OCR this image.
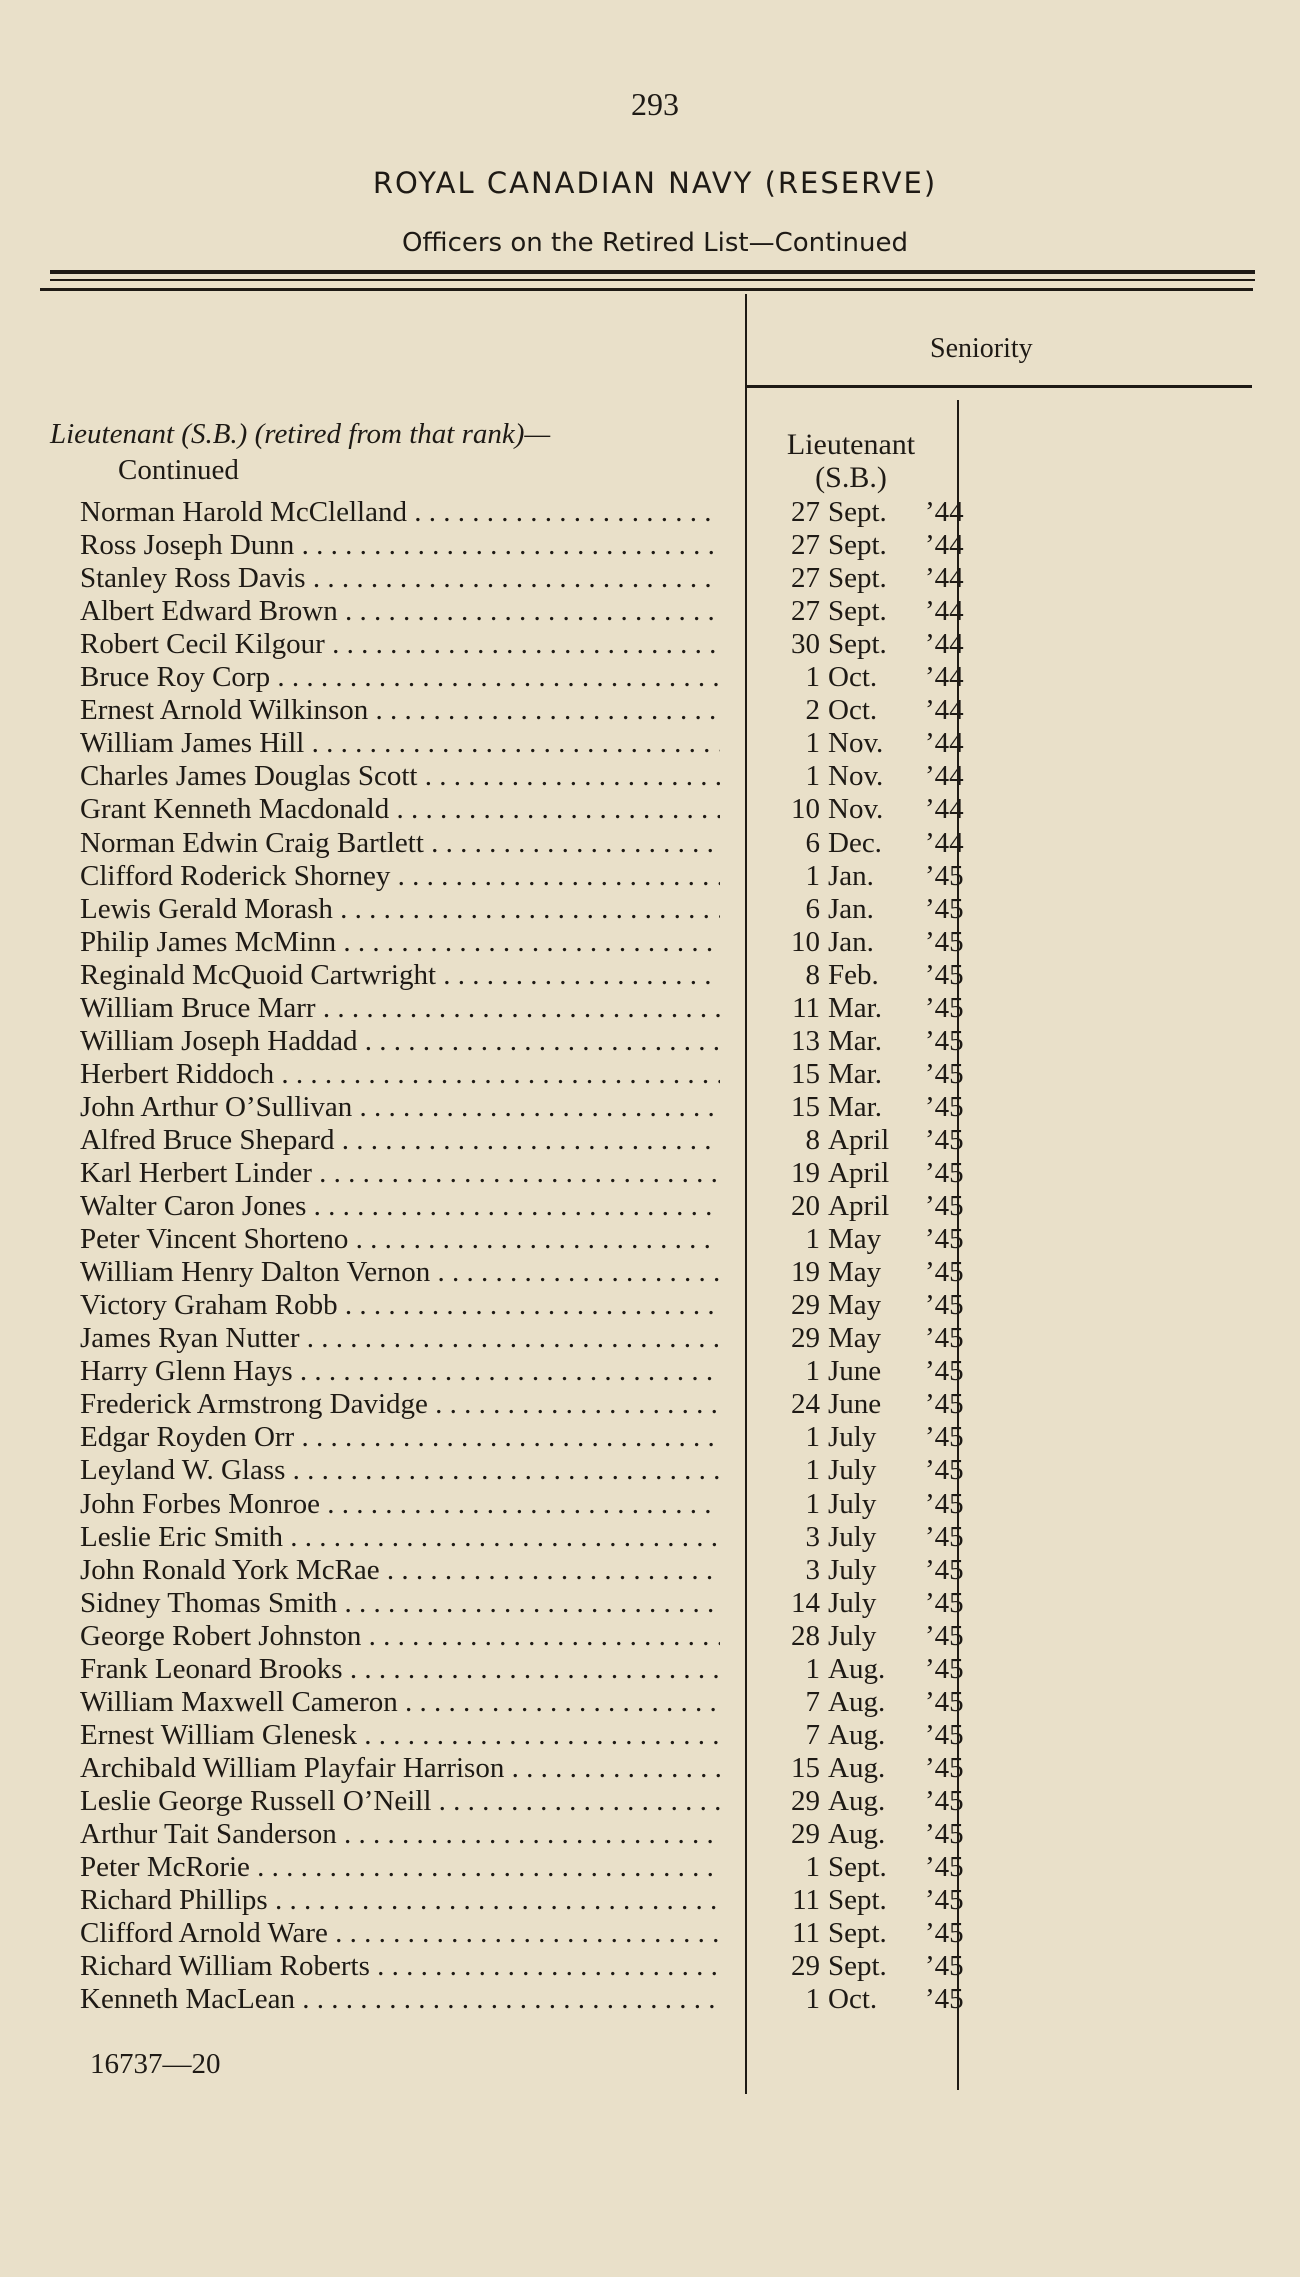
293
ROYAL CANADIAN NAVY (RESERVE)
Officers on the Retired List—Continued
Seniority
Lieutenant (S.B.) (retired from that rank)—
Continued
Lieutenant
(S.B.)
Norman Harold McClelland . . .	27 Sept.	’44
Ross Joseph Dunn . . .	27 Sept.	’44
Stanley Ross Davis . . .	27 Sept.	’44
Albert Edward Brown . . .	27 Sept.	’44
Robert Cecil Kilgour . . .	30 Sept.	’44
Bruce Roy Corp . . .	1 Oct.	’44
Ernest Arnold Wilkinson . . .	2 Oct.	’44
William James Hill . . .	1 Nov.	’44
Charles James Douglas Scott . . .	1 Nov.	’44
Grant Kenneth Macdonald . . .	10 Nov.	’44
Norman Edwin Craig Bartlett . . .	6 Dec.	’44
Clifford Roderick Shorney . . .	1 Jan.	’45
Lewis Gerald Morash . . .	6 Jan.	’45
Philip James McMinn . . .	10 Jan.	’45
Reginald McQuoid Cartwright . . .	8 Feb.	’45
William Bruce Marr . . .	11 Mar.	’45
William Joseph Haddad . . .	13 Mar.	’45
Herbert Riddoch . . .	15 Mar.	’45
John Arthur O’Sullivan . . .	15 Mar.	’45
Alfred Bruce Shepard . . .	8 April	’45
Karl Herbert Linder . . .	19 April	’45
Walter Caron Jones . . .	20 April	’45
Peter Vincent Shorteno . . .	1 May	’45
William Henry Dalton Vernon . . .	19 May	’45
Victory Graham Robb . . .	29 May	’45
James Ryan Nutter . . .	29 May	’45
Harry Glenn Hays . . .	1 June	’45
Frederick Armstrong Davidge . . .	24 June	’45
Edgar Royden Orr . . .	1 July	’45
Leyland W. Glass . . .	1 July	’45
John Forbes Monroe . . .	1 July	’45
Leslie Eric Smith . . .	3 July	’45
John Ronald York McRae . . .	3 July	’45
Sidney Thomas Smith . . .	14 July	’45
George Robert Johnston . . .	28 July	’45
Frank Leonard Brooks . . .	1 Aug.	’45
William Maxwell Cameron . . .	7 Aug.	’45
Ernest William Glenesk . . .	7 Aug.	’45
Archibald William Playfair Harrison . . .	15 Aug.	’45
Leslie George Russell O’Neill . . .	29 Aug.	’45
Arthur Tait Sanderson . . .	29 Aug.	’45
Peter McRorie . . .	1 Sept.	’45
Richard Phillips . . .	11 Sept.	’45
Clifford Arnold Ware . . .	11 Sept.	’45
Richard William Roberts . . .	29 Sept.	’45
Kenneth MacLean . . .	1 Oct.	’45
16737—20
